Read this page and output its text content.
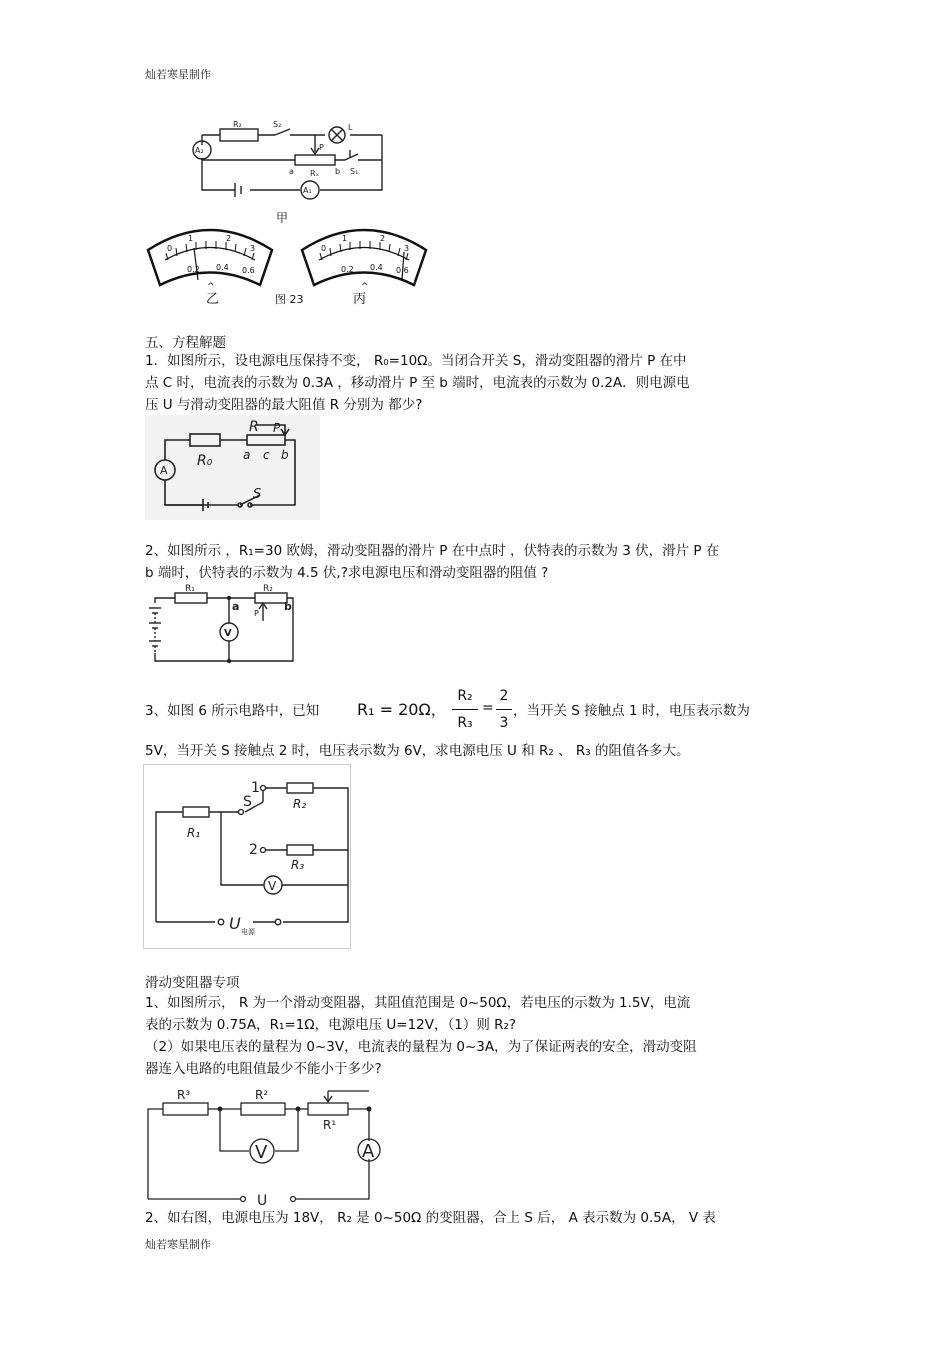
灿若寒星制作
R₂	S₂	L
A₂	P
Rₓ
a	b S₁
A₁
甲
0
1	2
3
0.2 0.4 0.6
^
乙
0
1	2
3
0.2 0.4 0.6
^
丙
图 23
五、方程解题
1．如图所示，设电源电压保持不变， R₀=10Ω。当闭合开关 S，滑动变阻器的滑片 P 在中
点 C 时，电流表的示数为 0.3A ，移动滑片 P 至 b 端时，电流表的示数为 0.2A．则电源电
压 U 与滑动变阻器的最大阻值 R 分别为 都少?
A
R₀
R P
a c b
S
2、如图所示 ，R₁=30 欧姆，滑动变阻器的滑片 P 在中点时 ，伏特表的示数为 3 伏，滑片 P 在
b 端时，伏特表的示数为 4.5 伏,?求电源电压和滑动变阻器的阻值 ?
R₁	R₂
a
P
b
V
3、如图 6 所示电路中，已知 R₁ = 20Ω，
R₂
R₃
=
2
3
，当开关 S 接触点 1 时，电压表示数为
5V，当开关 S 接触点 2 时，电压表示数为 6V，求电源电压 U 和 R₂ 、 R₃ 的阻值各多大。
1
S	R₂
R₁
2
R₃
V
U 电源
滑动变阻器专项
1、如图所示， R 为一个滑动变阻器，其阻值范围是 0~50Ω，若电压的示数为 1.5V，电流
表的示数为 0.75A，R₁=1Ω，电源电压 U=12V，（1）则 R₂?
（2）如果电压表的量程为 0~3V，电流表的量程为 0~3A，为了保证两表的安全，滑动变阻
器连入电路的电阻值最少不能小于多少?
R³	R²
R¹
V	A
U
2、如右图，电源电压为 18V， R₂ 是 0~50Ω 的变阻器，合上 S 后， A 表示数为 0.5A， V 表
灿若寒星制作
